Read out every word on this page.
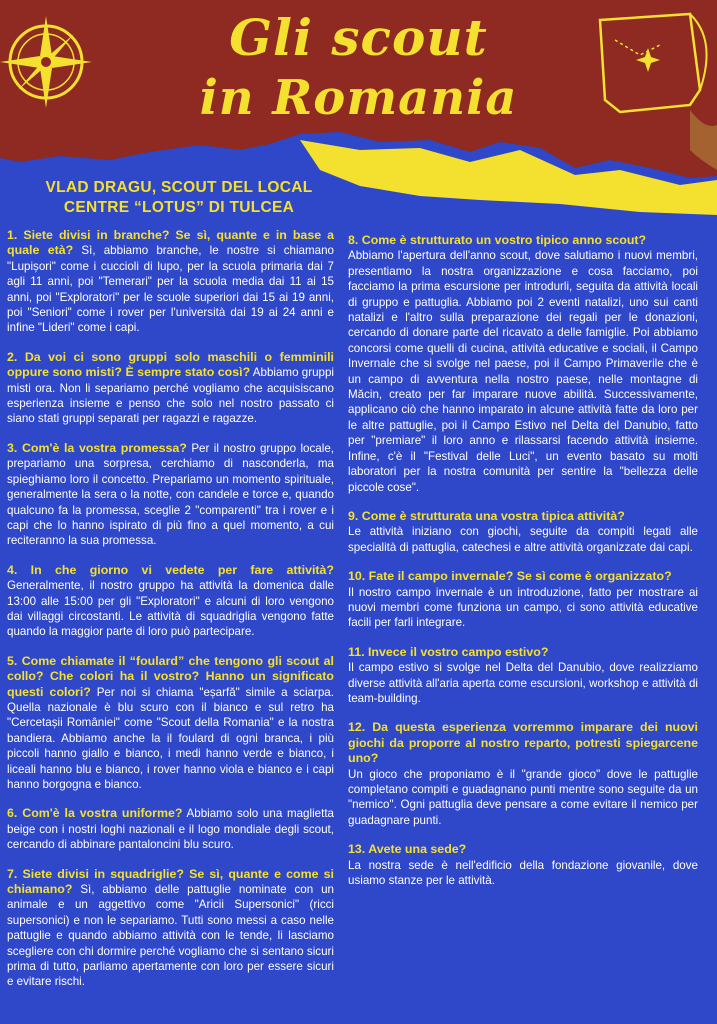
Gli scout
in Romania
VLAD DRAGU, SCOUT DEL LOCAL
CENTRE “LOTUS” DI TULCEA
1. Siete divisi in branche? Se sì, quante e in base a quale età? Sì, abbiamo branche, le nostre si chiamano "Lupișori" come i cuccioli di lupo, per la scuola primaria dai 7 agli 11 anni, poi "Temerari" per la scuola media dai 11 ai 15 anni, poi "Exploratori" per le scuole superiori dai 15 ai 19 anni, poi "Seniori" come i rover per l'università dai 19 ai 24 anni e infine "Lideri" come i capi.
2. Da voi ci sono gruppi solo maschili o femminili oppure sono misti? È sempre stato così? Abbiamo gruppi misti ora. Non li separiamo perché vogliamo che acquisiscano esperienza insieme e penso che solo nel nostro passato ci siano stati gruppi separati per ragazzi e ragazze.
3. Com'è la vostra promessa? Per il nostro gruppo locale, prepariamo una sorpresa, cerchiamo di nasconderla, ma spieghiamo loro il concetto. Prepariamo un momento spirituale, generalmente la sera o la notte, con candele e torce e, quando qualcuno fa la promessa, sceglie 2 "comparenti" tra i rover e i capi che lo hanno ispirato di più fino a quel momento, a cui reciteranno la sua promessa.
4. In che giorno vi vedete per fare attività? Generalmente, il nostro gruppo ha attività la domenica dalle 13:00 alle 15:00 per gli "Exploratori" e alcuni di loro vengono dai villaggi circostanti. Le attività di squadriglia vengono fatte quando la maggior parte di loro può partecipare.
5. Come chiamate il “foulard” che tengono gli scout al collo? Che colori ha il vostro? Hanno un significato questi colori? Per noi si chiama "eșarfă" simile a sciarpa. Quella nazionale è blu scuro con il bianco e sul retro ha "Cercetașii României" come "Scout della Romania" e la nostra bandiera. Abbiamo anche la il foulard di ogni branca, i più piccoli hanno giallo e bianco, i medi hanno verde e bianco, i liceali hanno blu e bianco, i rover hanno viola e bianco e i capi hanno borgogna e bianco.
6. Com'è la vostra uniforme? Abbiamo solo una maglietta beige con i nostri loghi nazionali e il logo mondiale degli scout, cercando di abbinare pantaloncini blu scuro.
7. Siete divisi in squadriglie? Se sì, quante e come si chiamano? Sì, abbiamo delle pattuglie nominate con un animale e un aggettivo come "Aricii Supersonici" (ricci supersonici) e non le separiamo. Tutti sono messi a caso nelle pattuglie e quando abbiamo attività con le tende, li lasciamo scegliere con chi dormire perché vogliamo che si sentano sicuri prima di tutto, parliamo apertamente con loro per essere sicuri e evitare rischi.
8. Come è strutturato un vostro tipico anno scout?
Abbiamo l'apertura dell'anno scout, dove salutiamo i nuovi membri, presentiamo la nostra organizzazione e cosa facciamo, poi facciamo la prima escursione per introdurli, seguita da attività locali di gruppo e pattuglia. Abbiamo poi 2 eventi natalizi, uno sui canti natalizi e l'altro sulla preparazione dei regali per le donazioni, cercando di donare parte del ricavato a delle famiglie. Poi abbiamo concorsi come quelli di cucina, attività educative e sociali, il Campo Invernale che si svolge nel paese, poi il Campo Primaverile che è un campo di avventura nella nostro paese, nelle montagne di Măcin, creato per far imparare nuove abilità. Successivamente, applicano ciò che hanno imparato in alcune attività fatte da loro per le altre pattuglie, poi il Campo Estivo nel Delta del Danubio, fatto per "premiare" il loro anno e rilassarsi facendo attività insieme. Infine, c'è il "Festival delle Luci", un evento basato su molti laboratori per la nostra comunità per sentire la "bellezza delle piccole cose".
9. Come è strutturata una vostra tipica attività?
Le attività iniziano con giochi, seguite da compiti legati alle specialità di pattuglia, catechesi e altre attività organizzate dai capi.
10. Fate il campo invernale? Se sì come è organizzato?
Il nostro campo invernale è un introduzione, fatto per mostrare ai nuovi membri come funziona un campo, ci sono attività educative facili per farli integrare.
11. Invece il vostro campo estivo?
Il campo estivo si svolge nel Delta del Danubio, dove realizziamo diverse attività all'aria aperta come escursioni, workshop e attività di team-building.
12. Da questa esperienza vorremmo imparare dei nuovi giochi da proporre al nostro reparto, potresti spiegarcene uno?
Un gioco che proponiamo è il "grande gioco" dove le pattuglie completano compiti e guadagnano punti mentre sono seguite da un "nemico". Ogni pattuglia deve pensare a come evitare il nemico per guadagnare punti.
13. Avete una sede?
La nostra sede è nell'edificio della fondazione giovanile, dove usiamo stanze per le attività.
